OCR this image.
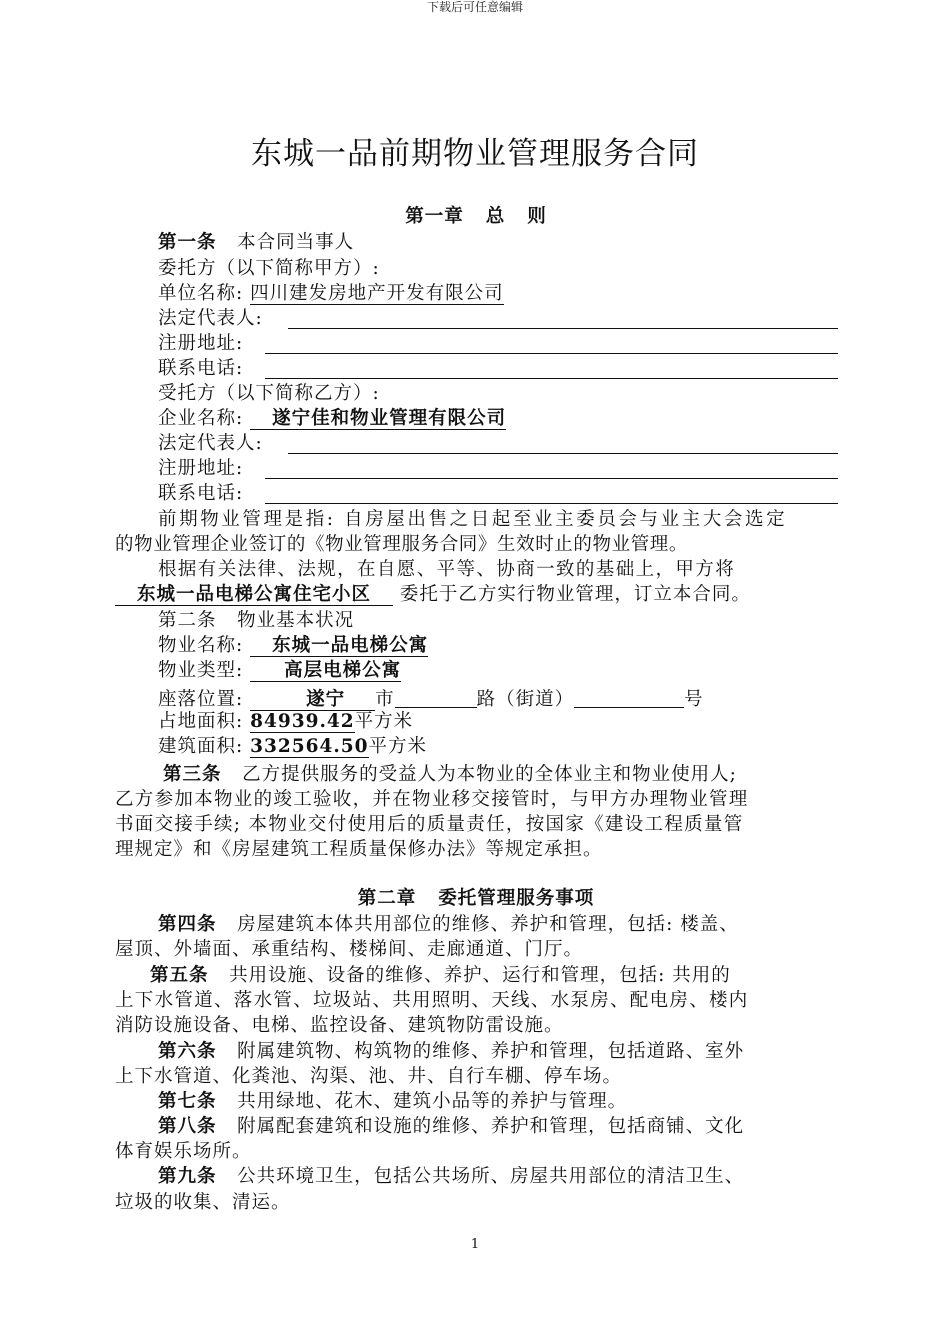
下载后可任意编辑
东城一品前期物业管理服务合同
第一章 总 则
第一条 本合同当事人
委托方（以下简称甲方）:
单位名称: 四川建发房地产开发有限公司
法定代表人:
注册地址:
联系电话:
受托方（以下简称乙方）:
企业名称: 遂宁佳和物业管理有限公司
法定代表人:
注册地址:
联系电话:
前期物业管理是指: 自房屋出售之日起至业主委员会与业主大会选定
的物业管理企业签订的《物业管理服务合同》生效时止的物业管理。
根据有关法律、法规，在自愿、平等、协商一致的基础上，甲方将
东城一品电梯公寓住宅小区 委托于乙方实行物业管理，订立本合同。
第二条 物业基本状况
物业名称: 东城一品电梯公寓
物业类型: 高层电梯公寓
座落位置:	遂宁 市	路（街道）	号
占地面积: 84939.42平方米
建筑面积: 332564.50平方米
第三条 乙方提供服务的受益人为本物业的全体业主和物业使用人;
乙方参加本物业的竣工验收，并在物业移交接管时，与甲方办理物业管理
书面交接手续; 本物业交付使用后的质量责任，按国家《建设工程质量管
理规定》和《房屋建筑工程质量保修办法》等规定承担。
第二章 委托管理服务事项
第四条 房屋建筑本体共用部位的维修、养护和管理，包括: 楼盖、
屋顶、外墙面、承重结构、楼梯间、走廊通道、门厅。
第五条 共用设施、设备的维修、养护、运行和管理，包括: 共用的
上下水管道、落水管、垃圾站、共用照明、天线、水泵房、配电房、楼内
消防设施设备、电梯、监控设备、建筑物防雷设施。
第六条 附属建筑物、构筑物的维修、养护和管理，包括道路、室外
上下水管道、化粪池、沟渠、池、井、自行车棚、停车场。
第七条 共用绿地、花木、建筑小品等的养护与管理。
第八条 附属配套建筑和设施的维修、养护和管理，包括商铺、文化
体育娱乐场所。
第九条 公共环境卫生，包括公共场所、房屋共用部位的清洁卫生、
垃圾的收集、清运。
1
